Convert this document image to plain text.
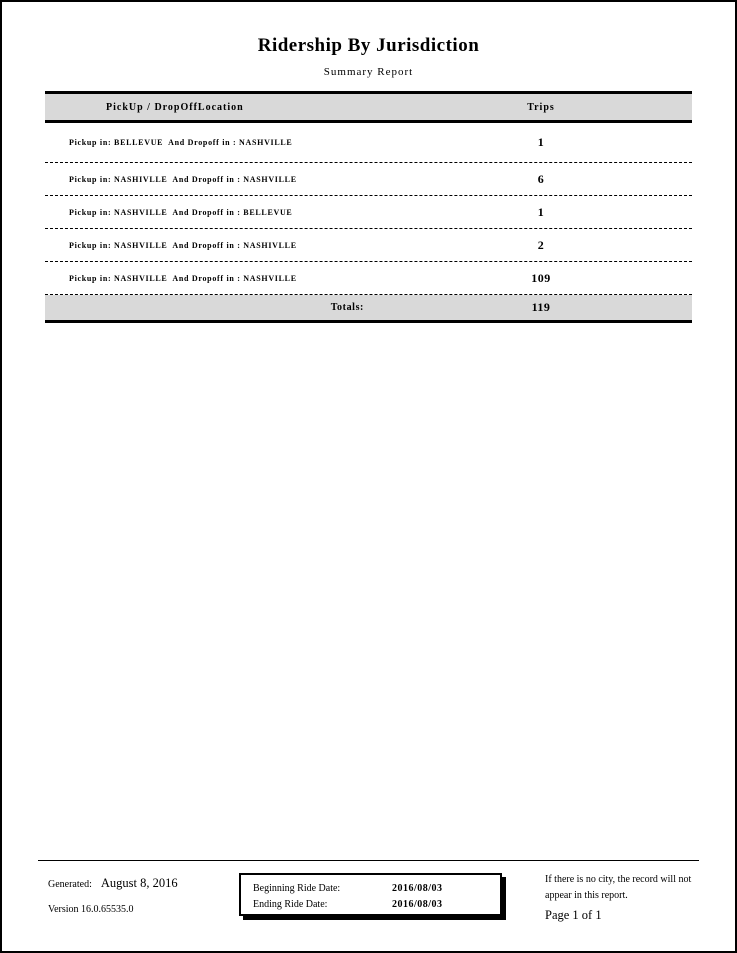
Ridership By Jurisdiction
Summary Report
PickUp / DropOffLocation	Trips
Pickup in: BELLEVUE  And Dropoff in : NASHVILLE	1
Pickup in: NASHIVLLE  And Dropoff in : NASHVILLE	6
Pickup in: NASHVILLE  And Dropoff in : BELLEVUE	1
Pickup in: NASHVILLE  And Dropoff in : NASHIVLLE	2
Pickup in: NASHVILLE  And Dropoff in : NASHVILLE	109
Totals:	119
Generated: August 8, 2016
Version 16.0.65535.0
Beginning Ride Date:	2016/08/03
Ending Ride Date:	2016/08/03
If there is no city, the record will not
appear in this report.
Page 1 of 1
